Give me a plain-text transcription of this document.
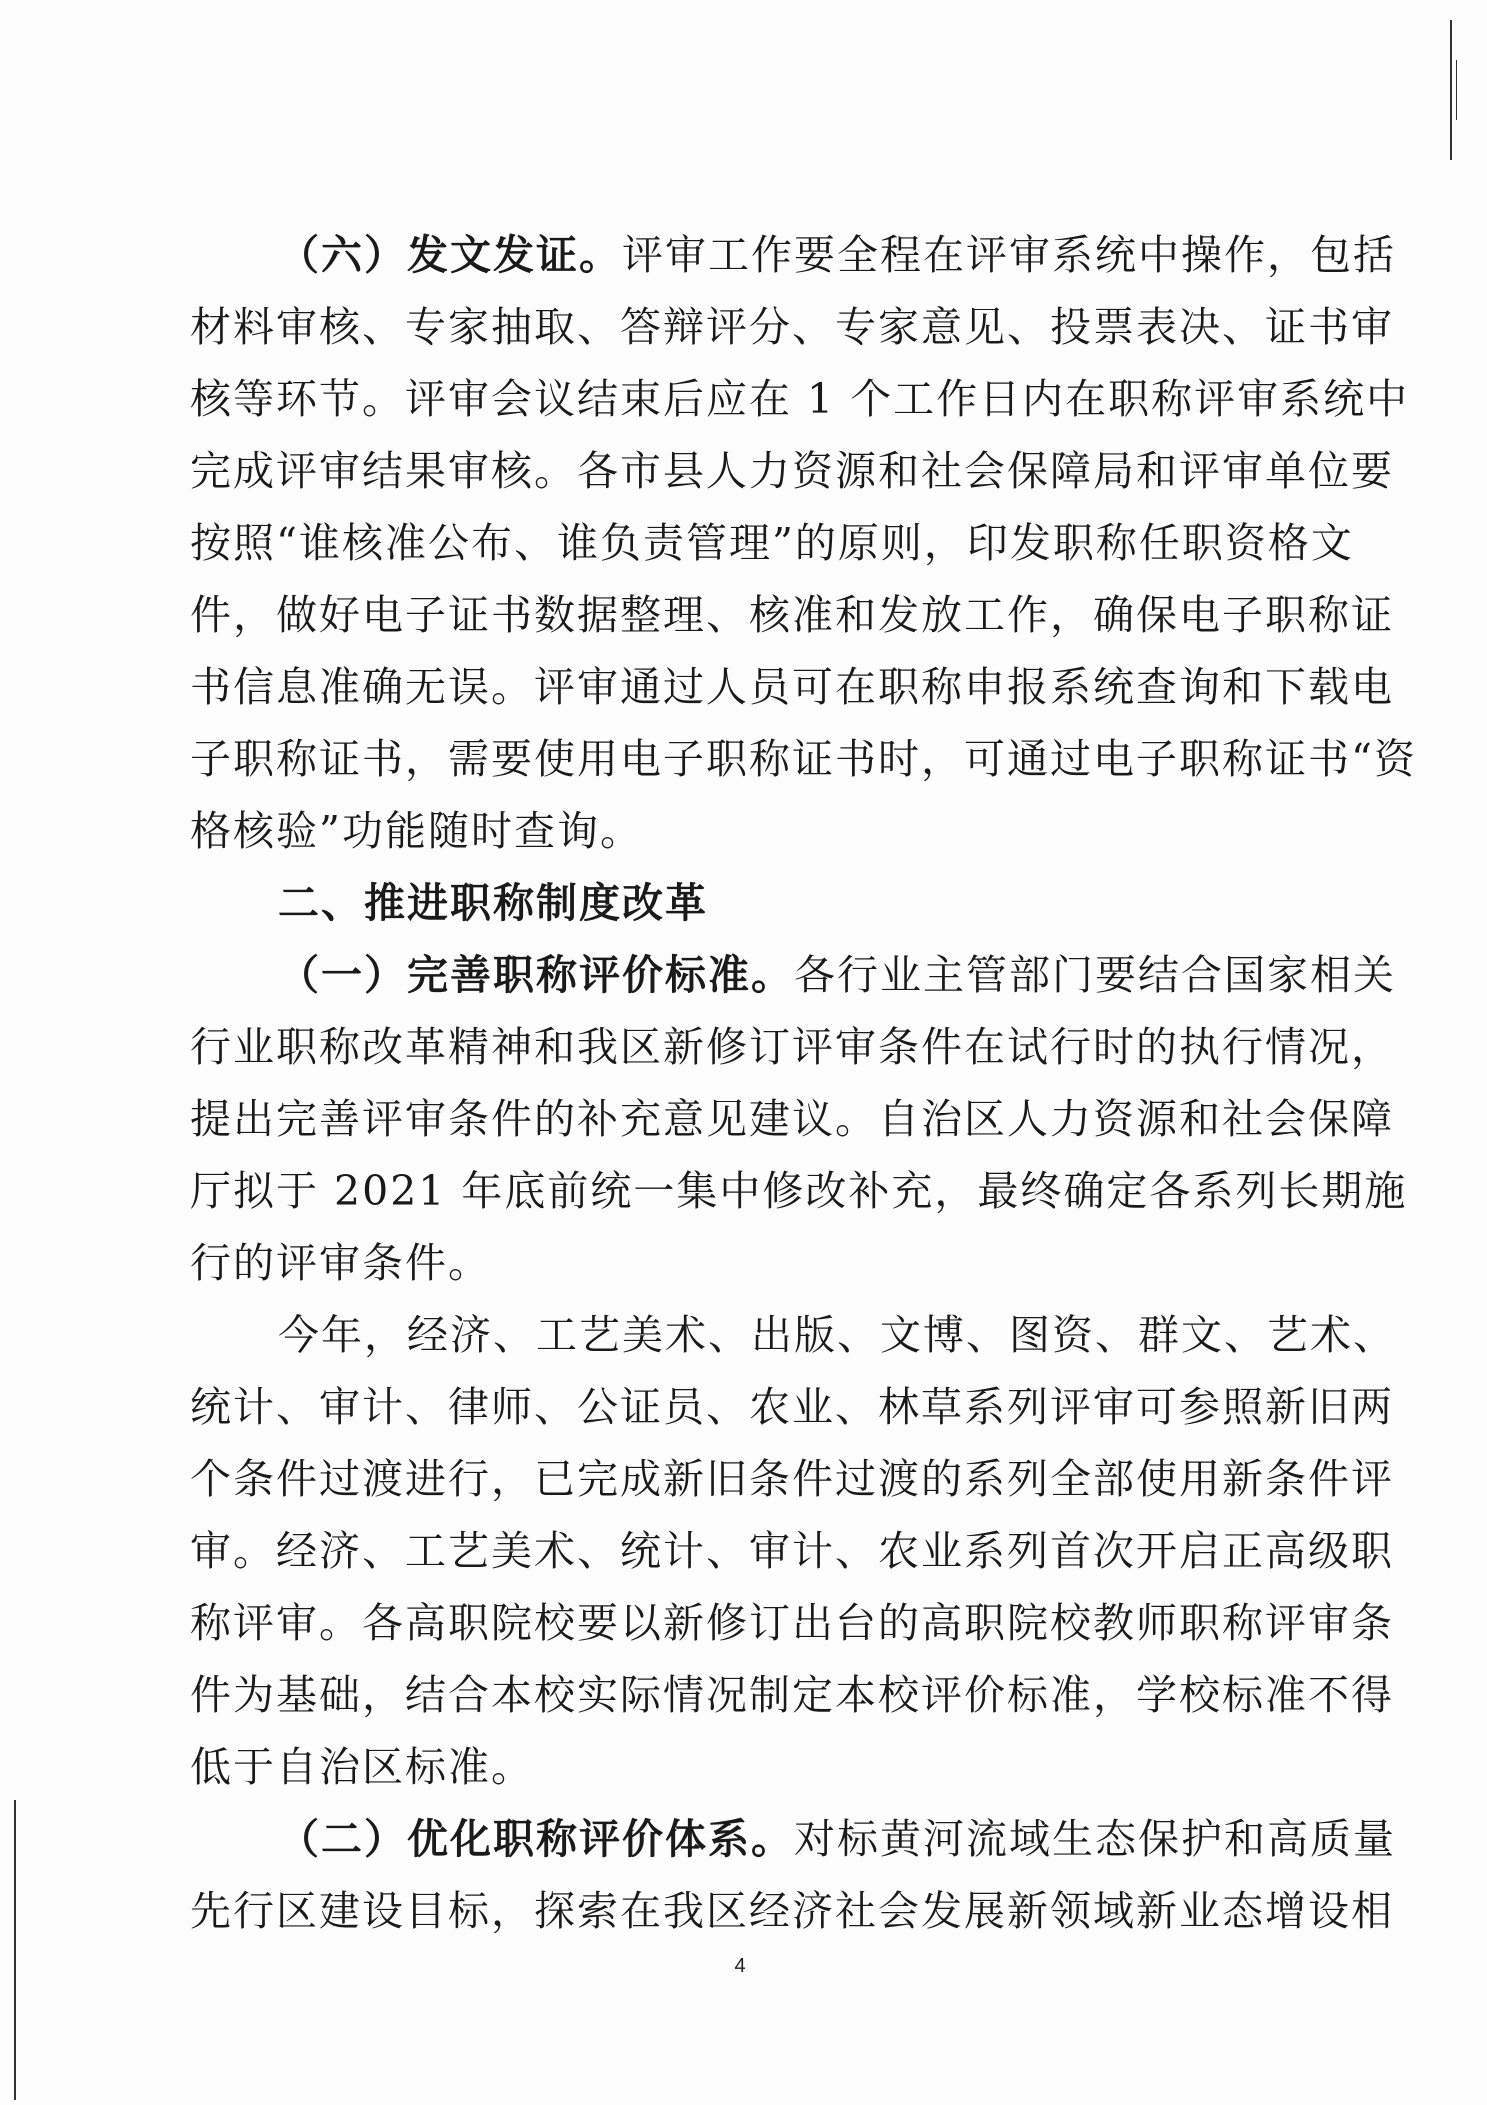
（六）发文发证。评审工作要全程在评审系统中操作，包括
材料审核、专家抽取、答辩评分、专家意见、投票表决、证书审
核等环节。评审会议结束后应在 1 个工作日内在职称评审系统中
完成评审结果审核。各市县人力资源和社会保障局和评审单位要
按照“谁核准公布、谁负责管理”的原则，印发职称任职资格文
件，做好电子证书数据整理、核准和发放工作，确保电子职称证
书信息准确无误。评审通过人员可在职称申报系统查询和下载电
子职称证书，需要使用电子职称证书时，可通过电子职称证书“资
格核验”功能随时查询。
二、推进职称制度改革
（一）完善职称评价标准。各行业主管部门要结合国家相关
行业职称改革精神和我区新修订评审条件在试行时的执行情况，
提出完善评审条件的补充意见建议。自治区人力资源和社会保障
厅拟于 2021 年底前统一集中修改补充，最终确定各系列长期施
行的评审条件。
今年，经济、工艺美术、出版、文博、图资、群文、艺术、
统计、审计、律师、公证员、农业、林草系列评审可参照新旧两
个条件过渡进行，已完成新旧条件过渡的系列全部使用新条件评
审。经济、工艺美术、统计、审计、农业系列首次开启正高级职
称评审。各高职院校要以新修订出台的高职院校教师职称评审条
件为基础，结合本校实际情况制定本校评价标准，学校标准不得
低于自治区标准。
（二）优化职称评价体系。对标黄河流域生态保护和高质量
先行区建设目标，探索在我区经济社会发展新领域新业态增设相
4
